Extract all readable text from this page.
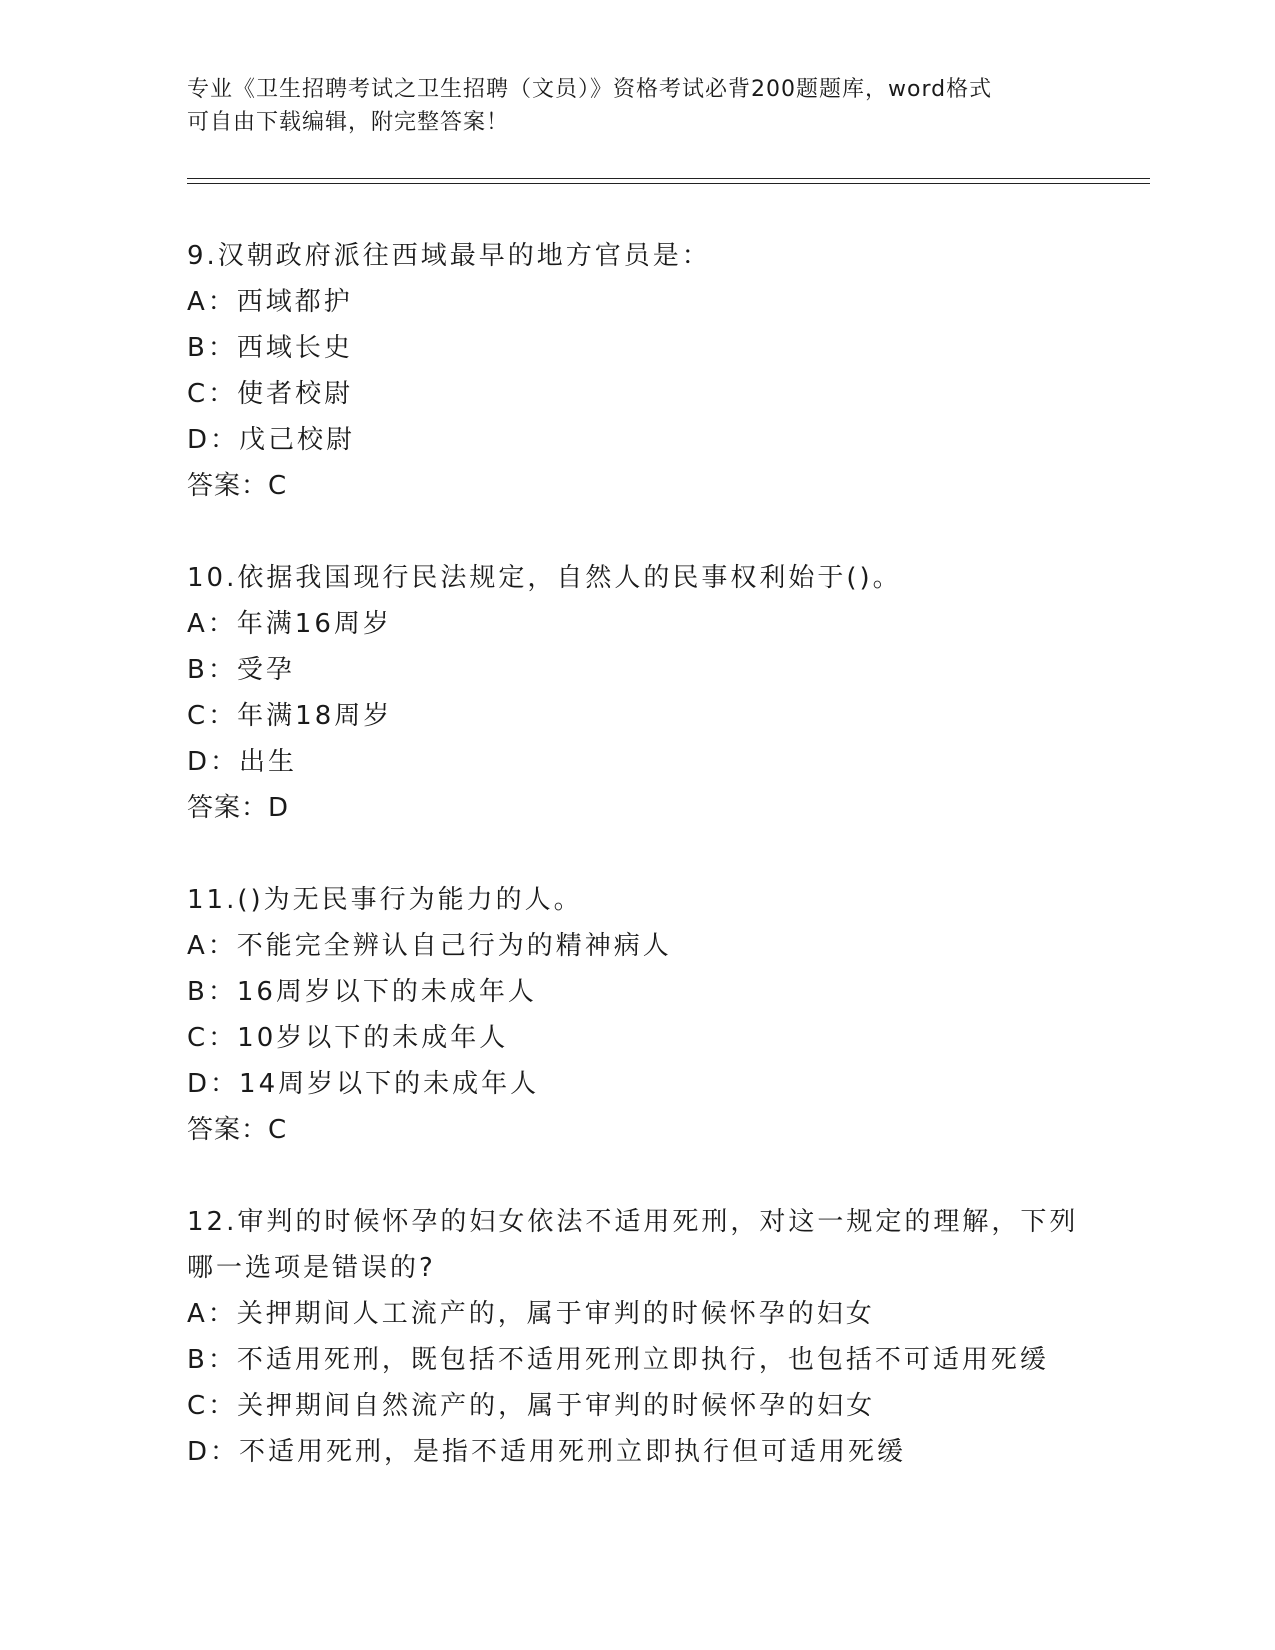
专业《卫生招聘考试之卫生招聘（文员）》资格考试必背200题题库，word格式
可自由下载编辑，附完整答案！
9.汉朝政府派往西域最早的地方官员是：
A：西域都护
B：西域长史
C：使者校尉
D：戊己校尉
答案：C
10.依据我国现行民法规定，自然人的民事权利始于()。
A：年满16周岁
B：受孕
C：年满18周岁
D：出生
答案：D
11.()为无民事行为能力的人。
A：不能完全辨认自己行为的精神病人
B：16周岁以下的未成年人
C：10岁以下的未成年人
D：14周岁以下的未成年人
答案：C
12.审判的时候怀孕的妇女依法不适用死刑，对这一规定的理解，下列
哪一选项是错误的?
A：关押期间人工流产的，属于审判的时候怀孕的妇女
B：不适用死刑，既包括不适用死刑立即执行，也包括不可适用死缓
C：关押期间自然流产的，属于审判的时候怀孕的妇女
D：不适用死刑，是指不适用死刑立即执行但可适用死缓
